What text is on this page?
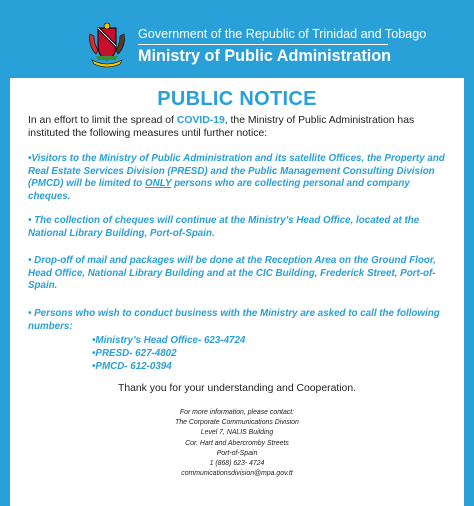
Government of the Republic of Trinidad and Tobago
Ministry of Public Administration
PUBLIC NOTICE
In an effort to limit the spread of COVID-19, the Ministry of Public Administration has instituted the following measures until further notice:
•Visitors to the Ministry of Public Administration and its satellite Offices, the Property and Real Estate Services Division (PRESD) and the Public Management Consulting Division (PMCD) will be limited to ONLY persons who are collecting personal and company cheques.
• The collection of cheques will continue at the Ministry’s Head Office, located at the National Library Building, Port-of-Spain.
• Drop-off of mail and packages will be done at the Reception Area on the Ground Floor, Head Office, National Library Building and at the CIC Building, Frederick Street, Port-of-Spain.
• Persons who wish to conduct business with the Ministry are asked to call the following numbers:
•Ministry’s Head Office- 623-4724
•PRESD- 627-4802
•PMCD- 612-0394
Thank you for your understanding and Cooperation.
For more information, please contact:
The Corporate Communications Division
Level 7, NALIS Building
Cor. Hart and Abercromby Streets
Port-of-Spain
1 (868) 623- 4724
communicationsdivision@mpa.gov.tt
